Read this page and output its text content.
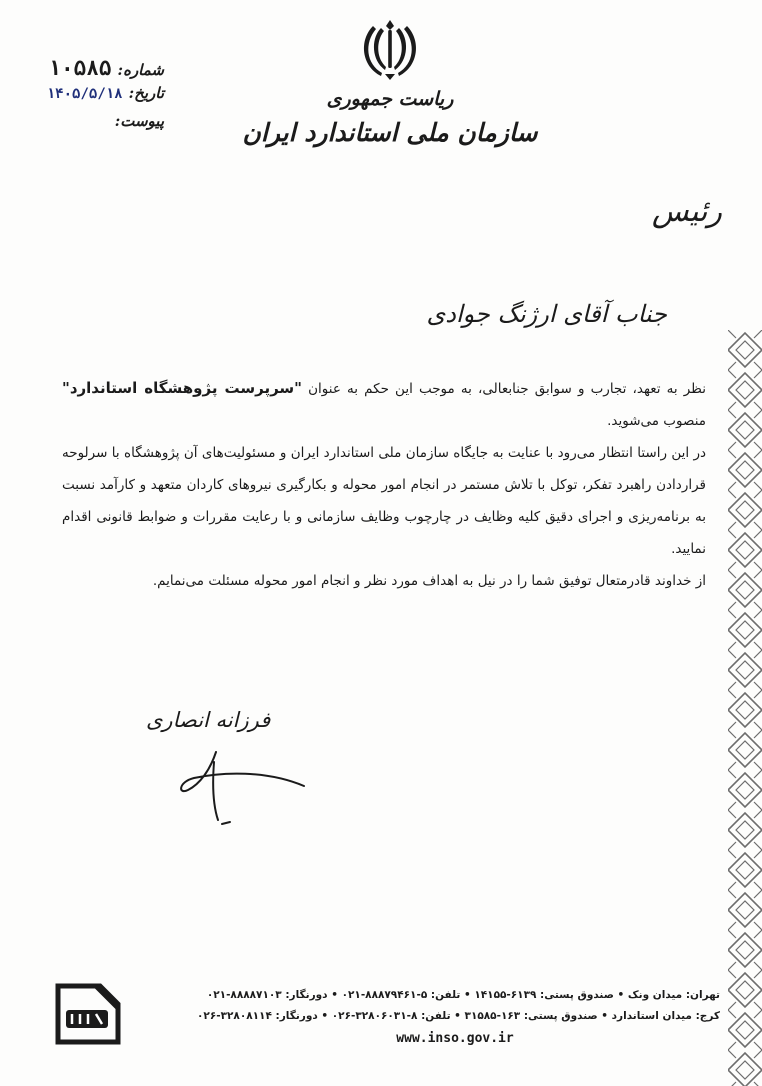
شماره:
۱۰۵۸۵
تاریخ:
۱۴۰۵/۵/۱۸
پیوست:
ریاست جمهوری
سازمان ملی استاندارد ایران
رئیس
جناب آقای ارژنگ جوادی

نظر به تعهد، تجارب و سوابق جنابعالی، به موجب این حکم به عنوان "سرپرست پژوهشگاه استاندارد" منصوب می‌شوید.

در این راستا انتظار می‌رود با عنایت به جایگاه سازمان ملی استاندارد ایران و مسئولیت‌های آن پژوهشگاه با سرلوحه قراردادن راهبرد تفکر، توکل با تلاش مستمر در انجام امور محوله و بکارگیری نیروهای کاردان متعهد و کارآمد نسبت به برنامه‌ریزی و اجرای دقیق کلیه وظایف در چارچوب وظایف سازمانی و با رعایت مقررات و ضوابط قانونی اقدام نمایید.

از خداوند قادرمتعال توفیق شما را در نیل به اهداف مورد نظر و انجام امور محوله مسئلت می‌نمایم.

فرزانه انصاری
تهران: میدان ونک • صندوق پستی: ۶۱۳۹-۱۴۱۵۵ • تلفن: ۵-۸۸۸۷۹۴۶۱-۰۲۱ • دورنگار: ۸۸۸۸۷۱۰۳-۰۲۱
کرج: میدان استاندارد • صندوق پستی: ۱۶۳-۳۱۵۸۵ • تلفن: ۸-۳۲۸۰۶۰۳۱-۰۲۶ • دورنگار: ۳۲۸۰۸۱۱۴-۰۲۶
www.inso.gov.ir
